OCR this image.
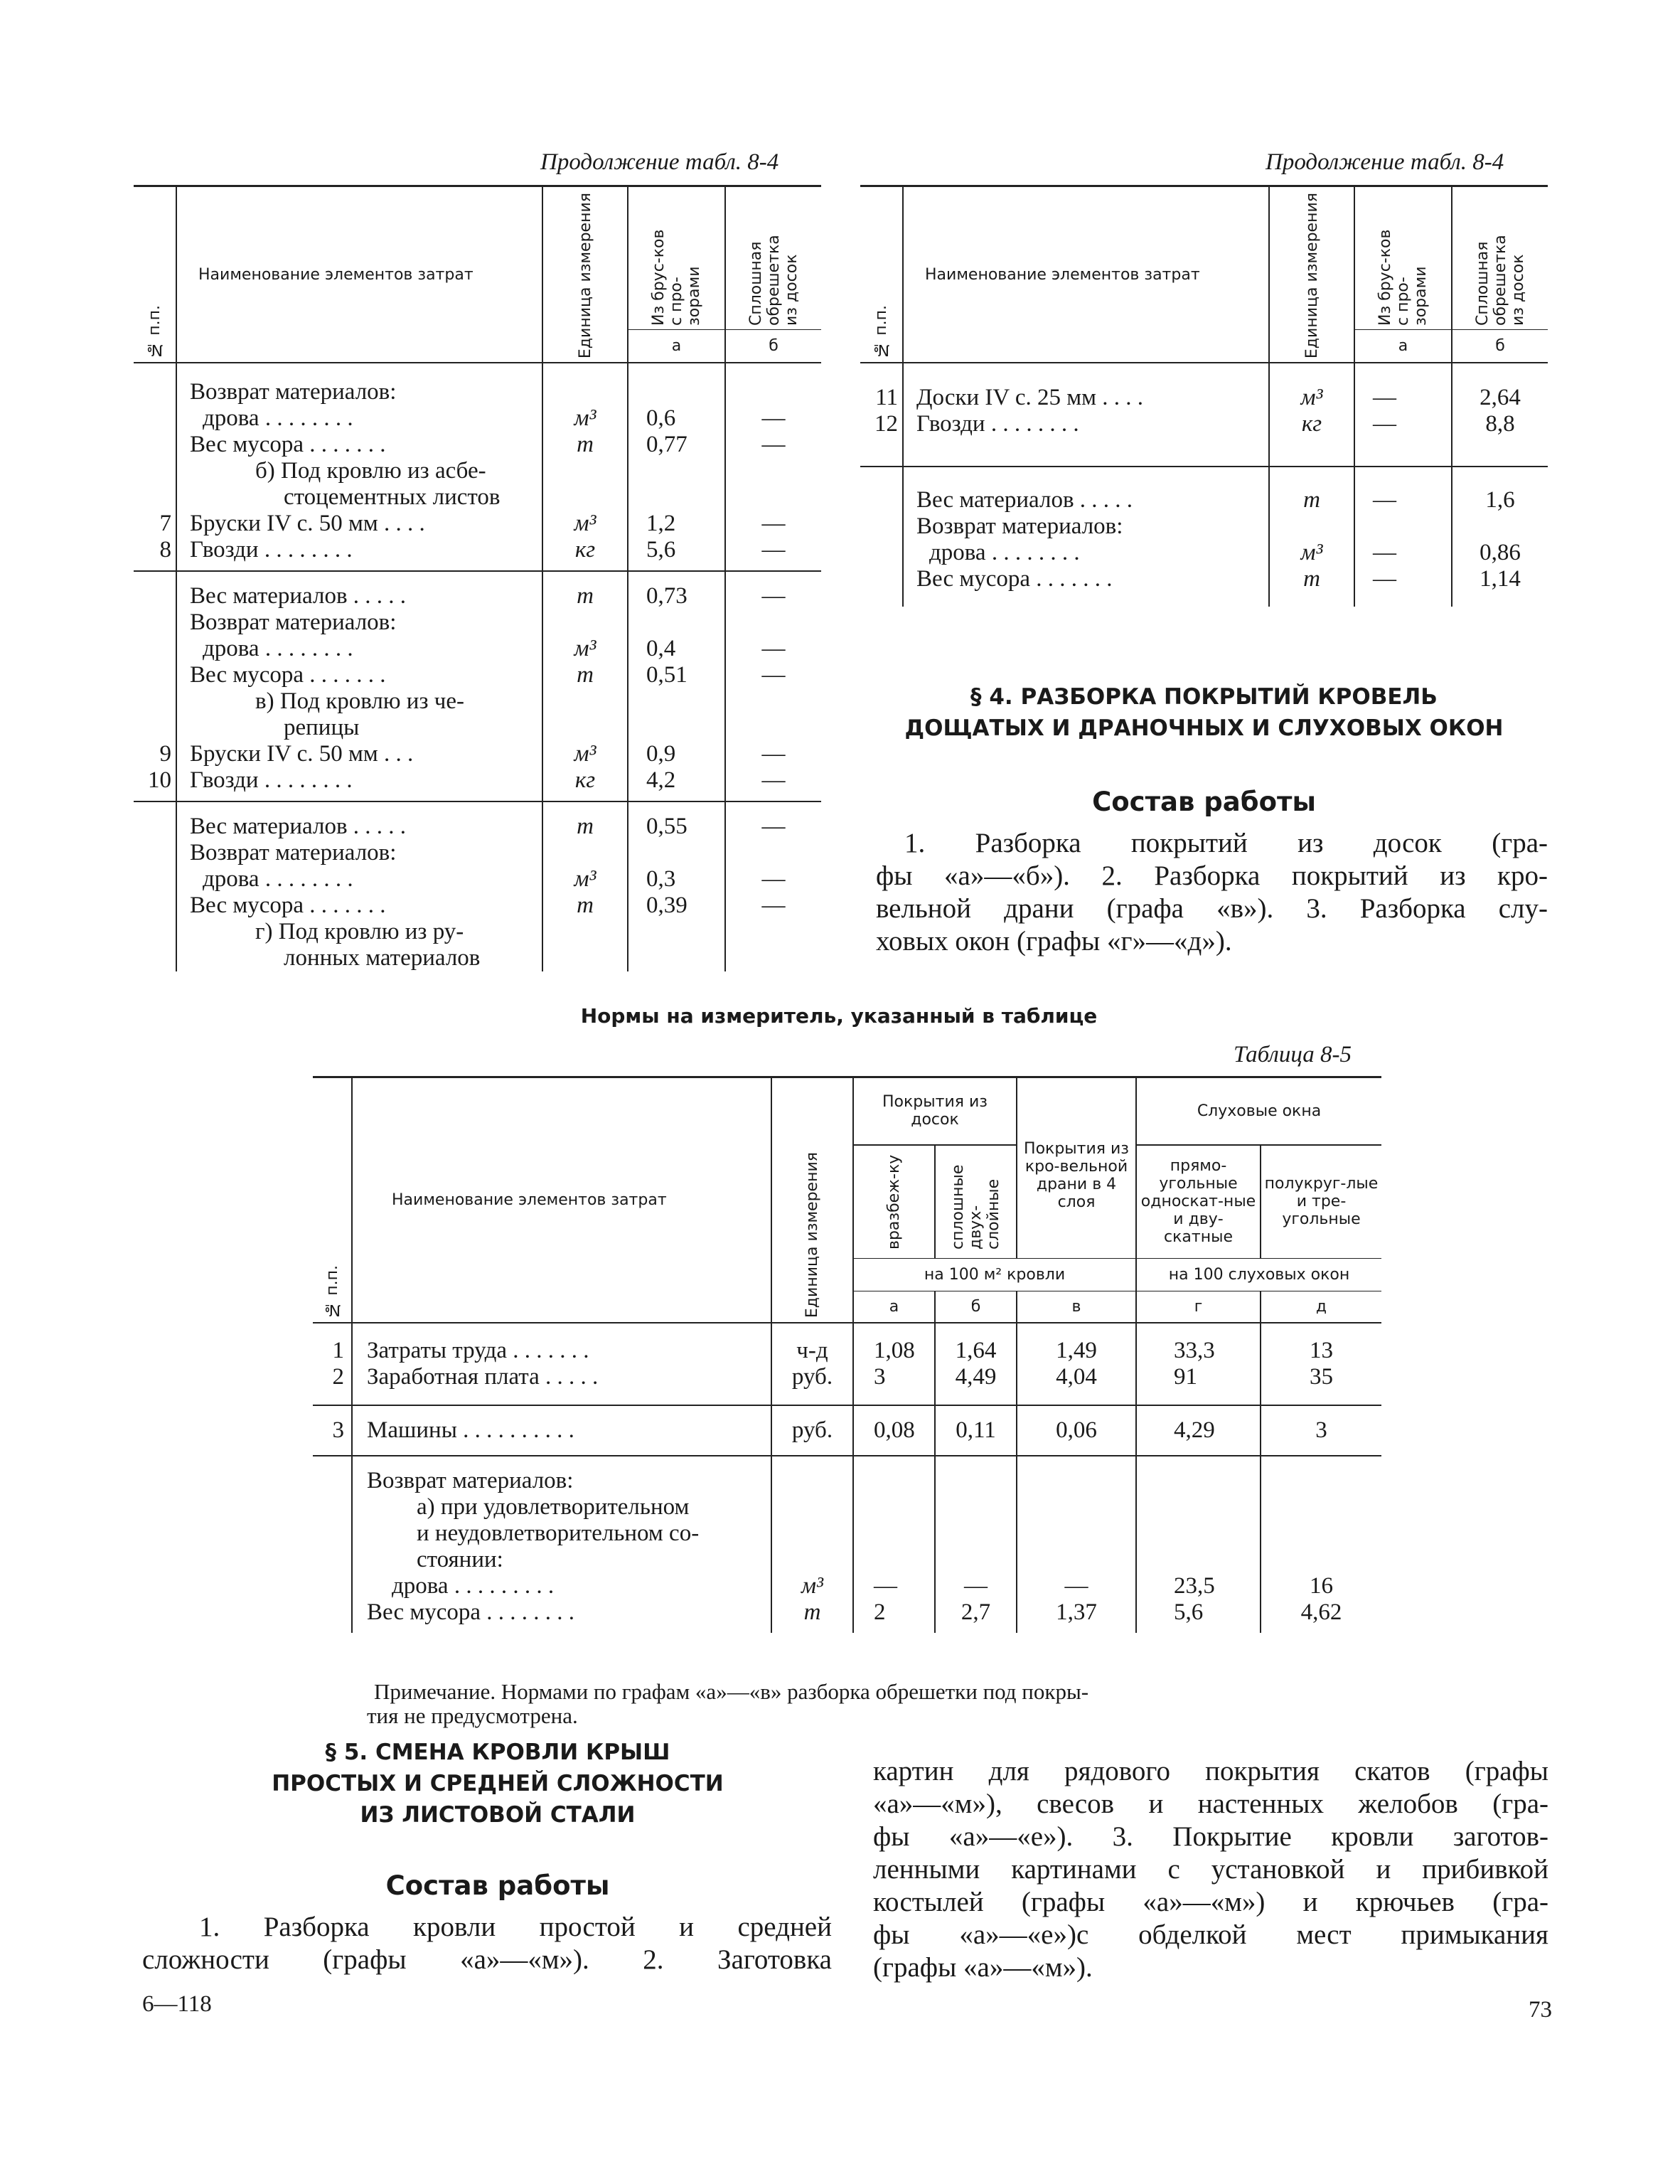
Продолжение табл. 8-4
№ п.п.	Наименование элементов затрат	Единица измерения	Из брус-ков с про-зорами	Сплошная обрешетка из досок
			а	б
	Возврат материалов:			
	дрова . . . . . . . .	м³	0,6	—
	Вес мусора . . . . . . .	т	0,77	—
	б) Под кровлю из асбе-			
	стоцементных листов			
7	Бруски IV с. 50 мм . . . .	м³	1,2	—
8	Гвозди . . . . . . . .	кг	5,6	—
	Вес материалов . . . . .	т	0,73	—
	Возврат материалов:			
	дрова . . . . . . . .	м³	0,4	—
	Вес мусора . . . . . . .	т	0,51	—
	в) Под кровлю из че-			
	репицы			
9	Бруски IV с. 50 мм . . .	м³	0,9	—
10	Гвозди . . . . . . . .	кг	4,2	—
	Вес материалов . . . . .	т	0,55	—
	Возврат материалов:			
	дрова . . . . . . . .	м³	0,3	—
	Вес мусора . . . . . . .	т	0,39	—
	г) Под кровлю из ру-			
	лонных материалов			
Продолжение табл. 8-4
№ п.п.	Наименование элементов затрат	Единица измерения	Из брус-ков с про-зорами	Сплошная обрешетка из досок
			а	б
11	Доски IV с. 25 мм . . . .	м³	—	2,64
12	Гвозди . . . . . . . .	кг	—	8,8
	Вес материалов . . . . .	т	—	1,6
	Возврат материалов:			
	дрова . . . . . . . .	м³	—	0,86
	Вес мусора . . . . . . .	т	—	1,14
§ 4. РАЗБОРКА ПОКРЫТИЙ КРОВЕЛЬ
ДОЩАТЫХ И ДРАНОЧНЫХ И СЛУХОВЫХ ОКОН
Состав работы
1. Разборка покрытий из досок (гра-
фы «а»—«б»). 2. Разборка покрытий из кро-
вельной драни (графа «в»). 3. Разборка слу-
ховых окон (графы «г»—«д»).
Нормы на измеритель, указанный в таблице
Таблица 8-5
№ п.п.	Наименование элементов затрат	Единица измерения	Покрытия из досок		Покрытия из кро-вельной драни в 4 слоя	Слуховые окна	
			вразбеж-ку	сплошные двух-слойные		прямо-угольные односкат-ные и дву-скатные	полукруг-лые и тре-угольные
			на 100 м² кровли			на 100 слуховых окон	
			а	б	в	г	д
1	Затраты труда . . . . . . .	ч-д	1,08	1,64	1,49	33,3	13
2	Заработная плата . . . . .	руб.	3	4,49	4,04	91	35
3	Машины . . . . . . . . . .	руб.	0,08	0,11	0,06	4,29	3
	Возврат материалов:						
	а) при удовлетворительном						
	и неудовлетворительном со-						
	стоянии:						
	дрова . . . . . . . . .	м³	—	—	—	23,5	16
	Вес мусора . . . . . . . .	т	2	2,7	1,37	5,6	4,62
Примечание. Нормами по графам «а»—«в» разборка обрешетки под покры-
тия не предусмотрена.
§ 5. СМЕНА КРОВЛИ КРЫШ
ПРОСТЫХ И СРЕДНЕЙ СЛОЖНОСТИ
ИЗ ЛИСТОВОЙ СТАЛИ
Состав работы
1. Разборка кровли простой и средней
сложности (графы «а»—«м»). 2. Заготовка
картин для рядового покрытия скатов (графы
«а»—«м»), свесов и настенных желобов (гра-
фы «а»—«е»). 3. Покрытие кровли заготов-
ленными картинами с установкой и прибивкой
костылей (графы «а»—«м») и крючьев (гра-
фы «а»—«е»)с обделкой мест примыкания
(графы «а»—«м»).
6—118	73
